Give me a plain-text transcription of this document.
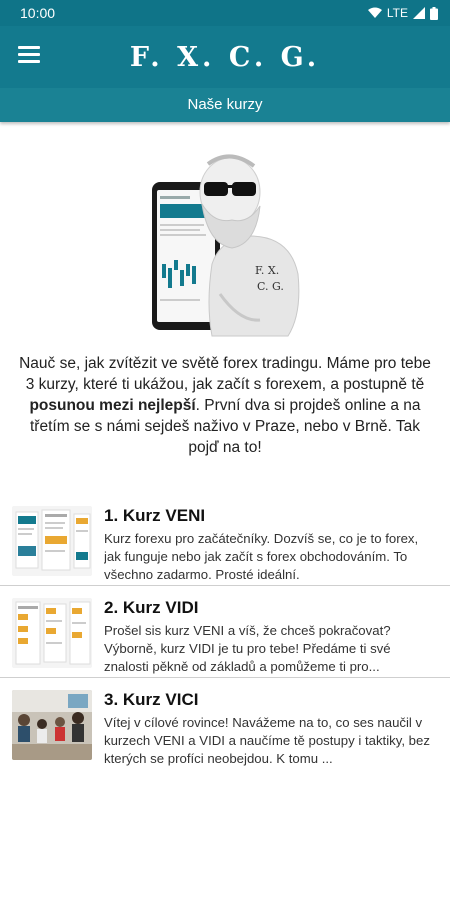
10:00	LTE
F. X. C. G.
Naše kurzy
F. X.
C. G.
Nauč se, jak zvítězit ve světě forex tradingu. Máme pro tebe 3 kurzy, které ti ukážou, jak začít s forexem, a postupně tě posunou mezi nejlepší. První dva si projdeš online a na třetím se s námi sejdeš naživo v Praze, nebo v Brně. Tak pojď na to!
1. Kurz VENI
Kurz forexu pro začátečníky. Dozvíš se, co je to forex, jak funguje nebo jak začít s forex obchodováním. To všechno zadarmo. Prosté ideální.
2. Kurz VIDI
Prošel sis kurz VENI a víš, že chceš pokračovat? Výborně, kurz VIDI je tu pro tebe! Předáme ti své znalosti pěkně od základů a pomůžeme ti pro...
3. Kurz VICI
Vítej v cílové rovince! Navážeme na to, co ses naučil v kurzech VENI a VIDI a naučíme tě postupy i taktiky, bez kterých se profíci neobejdou. K tomu ...
